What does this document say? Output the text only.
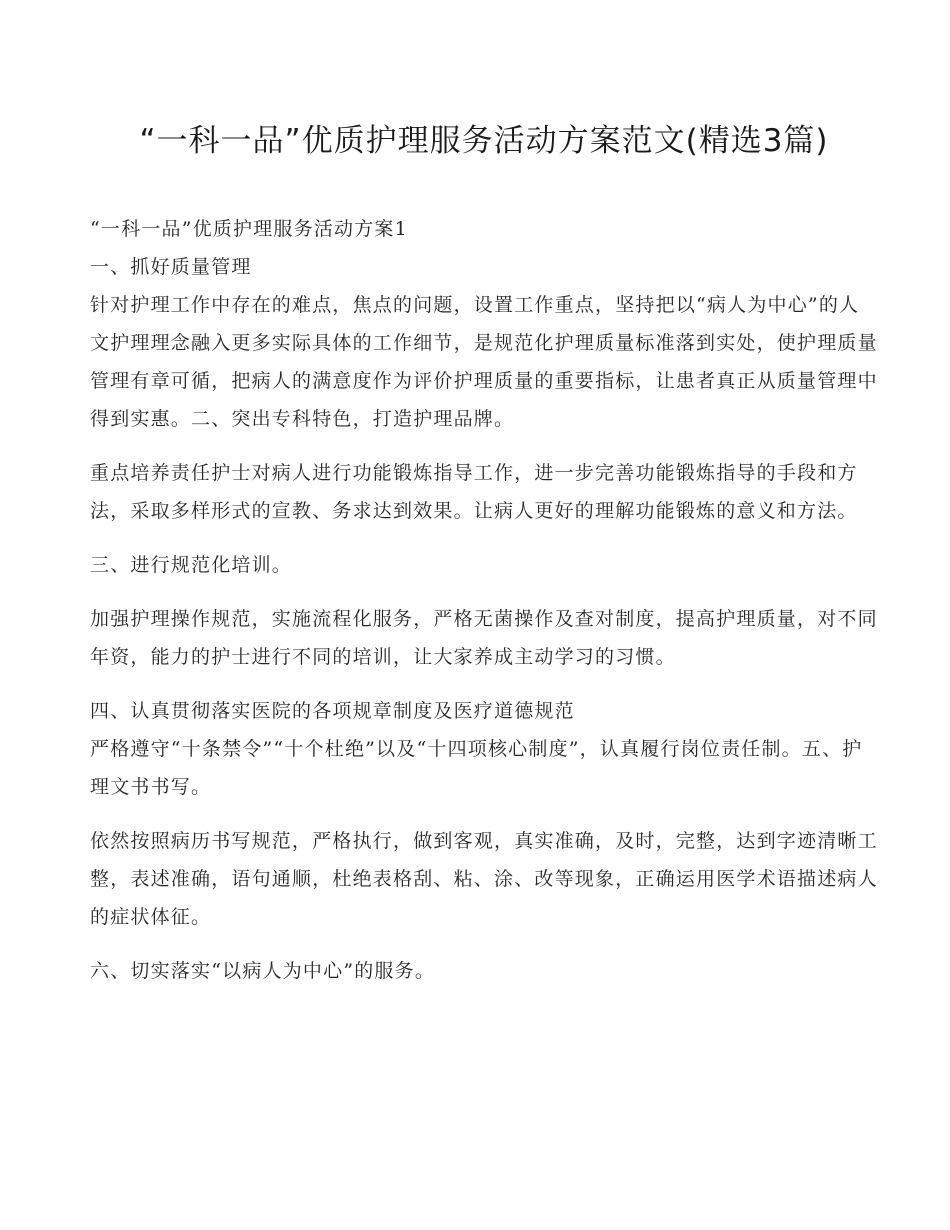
“一科一品”优质护理服务活动方案范文(精选3篇)
“一科一品”优质护理服务活动方案1
一、抓好质量管理

针对护理工作中存在的难点，焦点的问题，设置工作重点，坚持把以“病人为中心”的人文护理理念融入更多实际具体的工作细节，是规范化护理质量标准落到实处，使护理质量管理有章可循，把病人的满意度作为评价护理质量的重要指标，让患者真正从质量管理中得到实惠。二、突出专科特色，打造护理品牌。

重点培养责任护士对病人进行功能锻炼指导工作，进一步完善功能锻炼指导的手段和方法，采取多样形式的宣教、务求达到效果。让病人更好的理解功能锻炼的意义和方法。

三、进行规范化培训。

加强护理操作规范，实施流程化服务，严格无菌操作及查对制度，提高护理质量，对不同年资，能力的护士进行不同的培训，让大家养成主动学习的习惯。

四、认真贯彻落实医院的各项规章制度及医疗道德规范

严格遵守“十条禁令”“十个杜绝”以及“十四项核心制度”，认真履行岗位责任制。五、护理文书书写。

依然按照病历书写规范，严格执行，做到客观，真实准确，及时，完整，达到字迹清晰工整，表述准确，语句通顺，杜绝表格刮、粘、涂、改等现象，正确运用医学术语描述病人的症状体征。

六、切实落实“以病人为中心”的服务。
